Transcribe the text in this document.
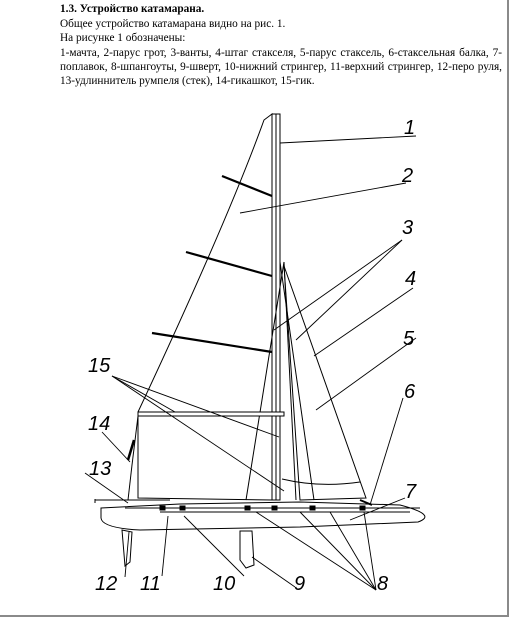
1.3. Устройство катамарана.

Общее устройство катамарана видно на рис. 1.

На рисунке 1 обозначены:

1-мачта, 2-парус грот, 3-ванты, 4-штаг стакселя, 5-парус стаксель, 6-стаксельная балка, 7-поплавок, 8-шпангоуты, 9-шверт, 10-нижний стрингер, 11-верхний стрингер, 12-перо руля, 13-удлиннитель румпеля (стек), 14-гикашкот, 15-гик.

1
2
3
4
5
6
7
8
9
10
11
12
13
14
15
